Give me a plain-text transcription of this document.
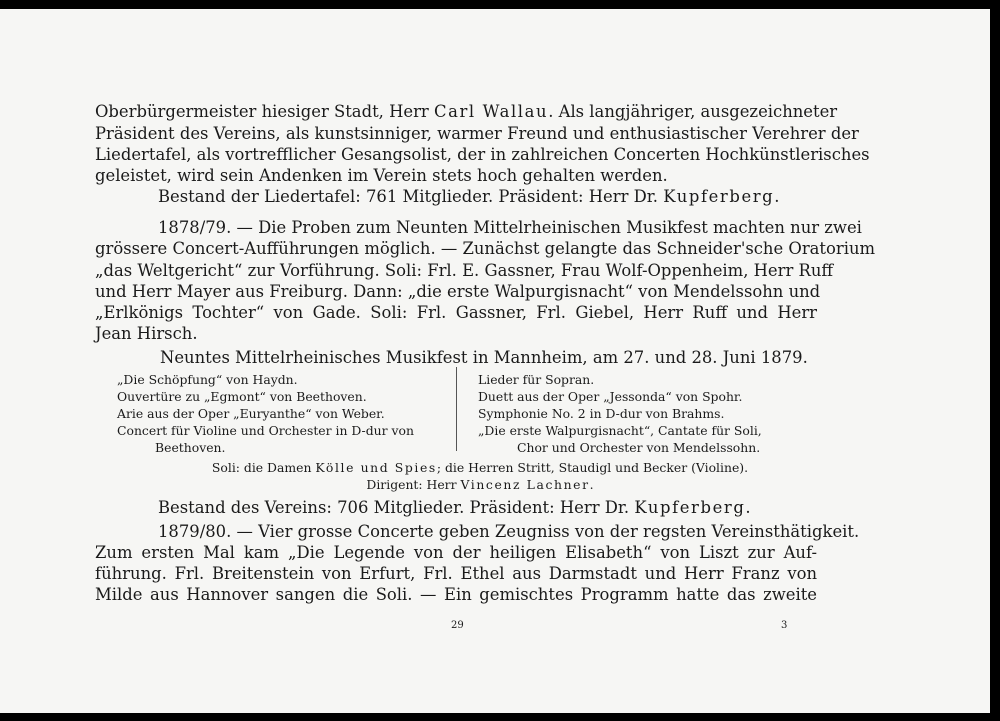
Oberbürgermeister hiesiger Stadt, Herr Carl Wallau. Als langjähriger, ausgezeichneter

Präsident des Vereins, als kunstsinniger, warmer Freund und enthusiastischer Verehrer der

Liedertafel, als vortrefflicher Gesangsolist, der in zahlreichen Concerten Hochkünstlerisches

geleistet, wird sein Andenken im Verein stets hoch gehalten werden.

Bestand der Liedertafel: 761 Mitglieder. Präsident: Herr Dr. Kupferberg.

1878/79. — Die Proben zum Neunten Mittelrheinischen Musikfest machten nur zwei

grössere Concert-Aufführungen möglich. — Zunächst gelangte das Schneider'sche Oratorium

„das Weltgericht“ zur Vorführung. Soli: Frl. E. Gassner, Frau Wolf-Oppenheim, Herr Ruff

und Herr Mayer aus Freiburg. Dann: „die erste Walpurgisnacht“ von Mendelssohn und

„Erlkönigs Tochter“ von Gade. Soli: Frl. Gassner, Frl. Giebel, Herr Ruff und Herr

Jean Hirsch.

Neuntes Mittelrheinisches Musikfest in Mannheim, am 27. und 28. Juni 1879.

„Die Schöpfung“ von Haydn.

Ouvertüre zu „Egmont“ von Beethoven.

Arie aus der Oper „Euryanthe“ von Weber.

Concert für Violine und Orchester in D-dur von

Beethoven.

Lieder für Sopran.

Duett aus der Oper „Jessonda“ von Spohr.

Symphonie No. 2 in D-dur von Brahms.

„Die erste Walpurgisnacht“, Cantate für Soli,

Chor und Orchester von Mendelssohn.

Soli: die Damen Kölle und Spies; die Herren Stritt, Staudigl und Becker (Violine).

Dirigent: Herr Vincenz Lachner.

Bestand des Vereins: 706 Mitglieder. Präsident: Herr Dr. Kupferberg.

1879/80. — Vier grosse Concerte geben Zeugniss von der regsten Vereinsthätigkeit.

Zum ersten Mal kam „Die Legende von der heiligen Elisabeth“ von Liszt zur Auf-

führung. Frl. Breitenstein von Erfurt, Frl. Ethel aus Darmstadt und Herr Franz von

Milde aus Hannover sangen die Soli. — Ein gemischtes Programm hatte das zweite

29	3
